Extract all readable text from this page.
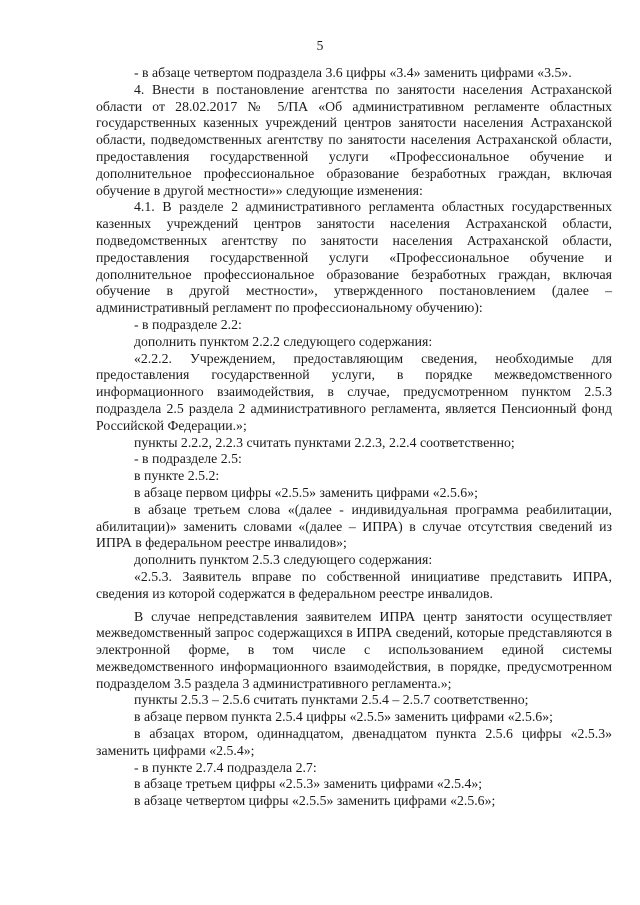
5

- в абзаце четвертом подраздела 3.6 цифры «3.4» заменить цифрами «3.5».

4. Внести в постановление агентства по занятости населения Астраханской области от 28.02.2017 № 5/ПА «Об административном регламенте областных государственных казенных учреждений центров занятости населения Астраханской области, подведомственных агентству по занятости населения Астраханской области, предоставления государственной услуги «Профессиональное обучение и дополнительное профессиональное образование безработных граждан, включая обучение в другой местности»» следующие изменения:

4.1. В разделе 2 административного регламента областных государственных казенных учреждений центров занятости населения Астраханской области, подведомственных агентству по занятости населения Астраханской области, предоставления государственной услуги «Профессиональное обучение и дополнительное профессиональное образование безработных граждан, включая обучение в другой местности», утвержденного постановлением (далее – административный регламент по профессиональному обучению):

- в подразделе 2.2:

дополнить пунктом 2.2.2 следующего содержания:

«2.2.2. Учреждением, предоставляющим сведения, необходимые для предоставления государственной услуги, в порядке межведомственного информационного взаимодействия, в случае, предусмотренном пунктом 2.5.3 подраздела 2.5 раздела 2 административного регламента, является Пенсионный фонд Российской Федерации.»;

пункты 2.2.2, 2.2.3 считать пунктами 2.2.3, 2.2.4 соответственно;

- в подразделе 2.5:

в пункте 2.5.2:

в абзаце первом цифры «2.5.5» заменить цифрами «2.5.6»;

в абзаце третьем слова «(далее - индивидуальная программа реабилитации, абилитации)» заменить словами «(далее – ИПРА) в случае отсутствия сведений из ИПРА в федеральном реестре инвалидов»;

дополнить пунктом 2.5.3 следующего содержания:

«2.5.3. Заявитель вправе по собственной инициативе представить ИПРА, сведения из которой содержатся в федеральном реестре инвалидов.

В случае непредставления заявителем ИПРА центр занятости осуществляет межведомственный запрос содержащихся в ИПРА сведений, которые представляются в электронной форме, в том числе с использованием единой системы межведомственного информационного взаимодействия, в порядке, предусмотренном подразделом 3.5 раздела 3 административного регламента.»;

пункты 2.5.3 – 2.5.6 считать пунктами 2.5.4 – 2.5.7 соответственно;

в абзаце первом пункта 2.5.4 цифры «2.5.5» заменить цифрами «2.5.6»;

в абзацах втором, одиннадцатом, двенадцатом пункта 2.5.6 цифры «2.5.3» заменить цифрами «2.5.4»;

- в пункте 2.7.4 подраздела 2.7:

в абзаце третьем цифры «2.5.3» заменить цифрами «2.5.4»;

в абзаце четвертом цифры «2.5.5» заменить цифрами «2.5.6»;
